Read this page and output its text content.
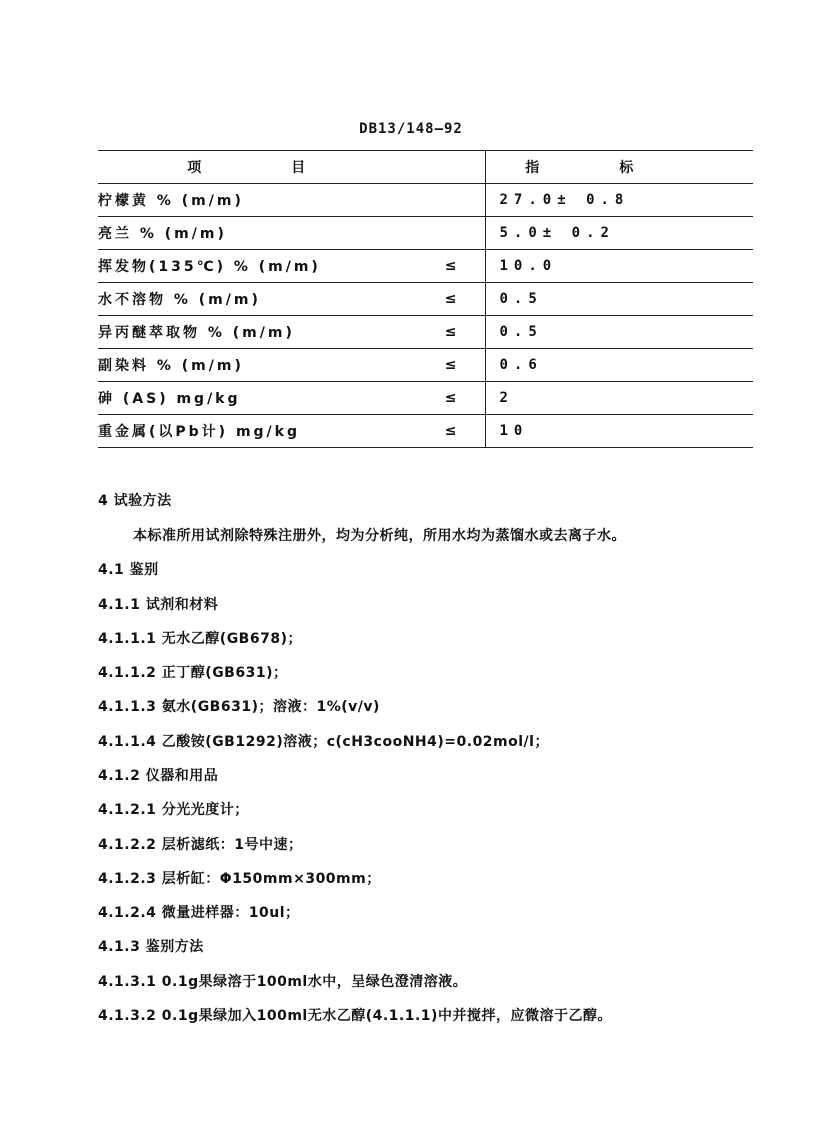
DB13/148—92
项目	指标
柠檬黄 % (m/m)	27.0± 0.8
亮兰 % (m/m)	5.0± 0.2
挥发物(135℃) % (m/m) ≤	10.0
水不溶物 % (m/m) ≤	0.5
异丙醚萃取物 % (m/m) ≤	0.5
副染料 % (m/m) ≤	0.6
砷 (AS) mg/kg ≤	2
重金属(以Pb计) mg/kg ≤	10
4 试验方法
本标准所用试剂除特殊注册外，均为分析纯，所用水均为蒸馏水或去离子水。
4.1 鉴别
4.1.1 试剂和材料
4.1.1.1 无水乙醇(GB678)；
4.1.1.2 正丁醇(GB631)；
4.1.1.3 氨水(GB631)；溶液：1%(v/v)
4.1.1.4 乙酸铵(GB1292)溶液；c(cH3cooNH4)=0.02mol/l；
4.1.2 仪器和用品
4.1.2.1 分光光度计；
4.1.2.2 层析滤纸：1号中速；
4.1.2.3 层析缸：Φ150mm×300mm；
4.1.2.4 微量进样器：10ul；
4.1.3 鉴别方法
4.1.3.1 0.1g果绿溶于100ml水中，呈绿色澄清溶液。
4.1.3.2 0.1g果绿加入100ml无水乙醇(4.1.1.1)中并搅拌，应微溶于乙醇。
